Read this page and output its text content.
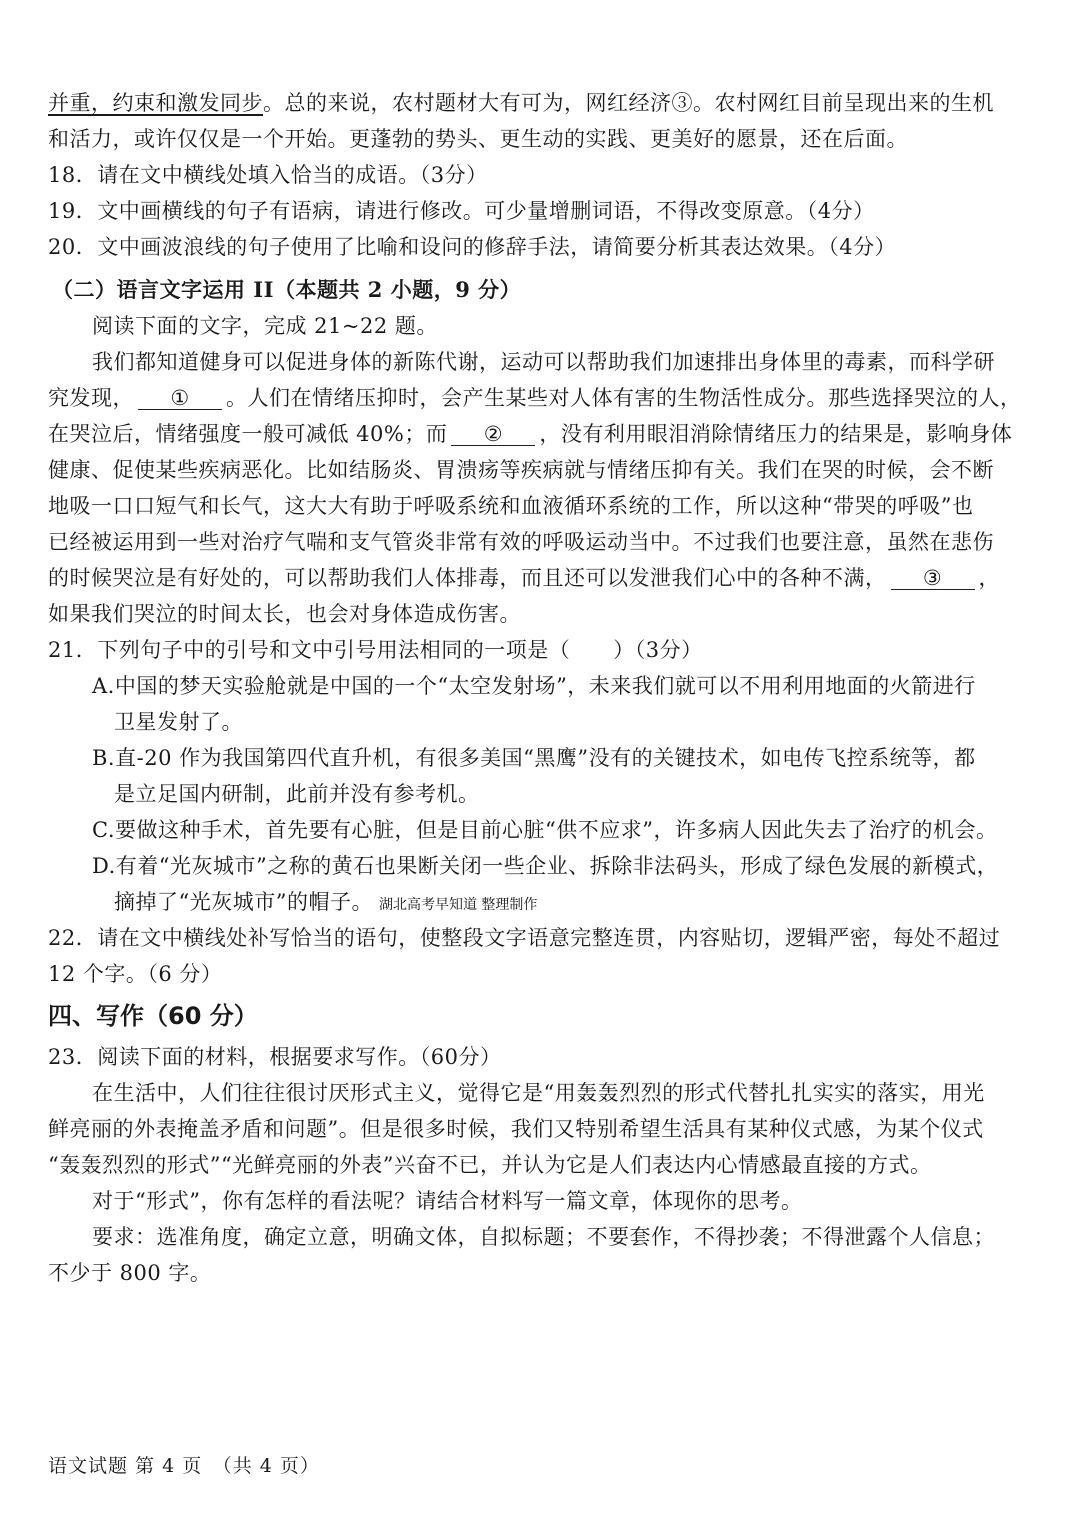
并重，约束和激发同步。总的来说，农村题材大有可为，网红经济③。农村网红目前呈现出来的生机
和活力，或许仅仅是一个开始。更蓬勃的势头、更生动的实践、更美好的愿景，还在后面。
18．请在文中横线处填入恰当的成语。（3分）
19．文中画横线的句子有语病，请进行修改。可少量增删词语，不得改变原意。（4分）
20．文中画波浪线的句子使用了比喻和设问的修辞手法，请简要分析其表达效果。（4分）
（二）语言文字运用 II（本题共 2 小题，9 分）
阅读下面的文字，完成 21~22 题。
我们都知道健身可以促进身体的新陈代谢，运动可以帮助我们加速排出身体里的毒素，而科学研
究发现， ① 。人们在情绪压抑时，会产生某些对人体有害的生物活性成分。那些选择哭泣的人，
在哭泣后，情绪强度一般可减低 40%；而 ② ，没有利用眼泪消除情绪压力的结果是，影响身体
健康、促使某些疾病恶化。比如结肠炎、胃溃疡等疾病就与情绪压抑有关。我们在哭的时候，会不断
地吸一口口短气和长气，这大大有助于呼吸系统和血液循环系统的工作，所以这种“带哭的呼吸”也
已经被运用到一些对治疗气喘和支气管炎非常有效的呼吸运动当中。不过我们也要注意，虽然在悲伤
的时候哭泣是有好处的，可以帮助我们人体排毒，而且还可以发泄我们心中的各种不满， ③ ，
如果我们哭泣的时间太长，也会对身体造成伤害。
21．下列句子中的引号和文中引号用法相同的一项是（　　）（3分）
A.中国的梦天实验舱就是中国的一个“太空发射场”，未来我们就可以不用利用地面的火箭进行
卫星发射了。
B.直-20 作为我国第四代直升机，有很多美国“黑鹰”没有的关键技术，如电传飞控系统等，都
是立足国内研制，此前并没有参考机。
C.要做这种手术，首先要有心脏，但是目前心脏“供不应求”，许多病人因此失去了治疗的机会。
D.有着“光灰城市”之称的黄石也果断关闭一些企业、拆除非法码头，形成了绿色发展的新模式，
摘掉了“光灰城市”的帽子。 湖北高考早知道 整理制作
22．请在文中横线处补写恰当的语句，使整段文字语意完整连贯，内容贴切，逻辑严密，每处不超过
12 个字。（6 分）
四、写作（60 分）
23．阅读下面的材料，根据要求写作。（60分）
在生活中，人们往往很讨厌形式主义，觉得它是“用轰轰烈烈的形式代替扎扎实实的落实，用光
鲜亮丽的外表掩盖矛盾和问题”。但是很多时候，我们又特别希望生活具有某种仪式感，为某个仪式
“轰轰烈烈的形式”“光鲜亮丽的外表”兴奋不已，并认为它是人们表达内心情感最直接的方式。
对于“形式”，你有怎样的看法呢？请结合材料写一篇文章，体现你的思考。
要求：选准角度，确定立意，明确文体，自拟标题；不要套作，不得抄袭；不得泄露个人信息；
不少于 800 字。
语文试题 第 4 页　（共 4 页）
